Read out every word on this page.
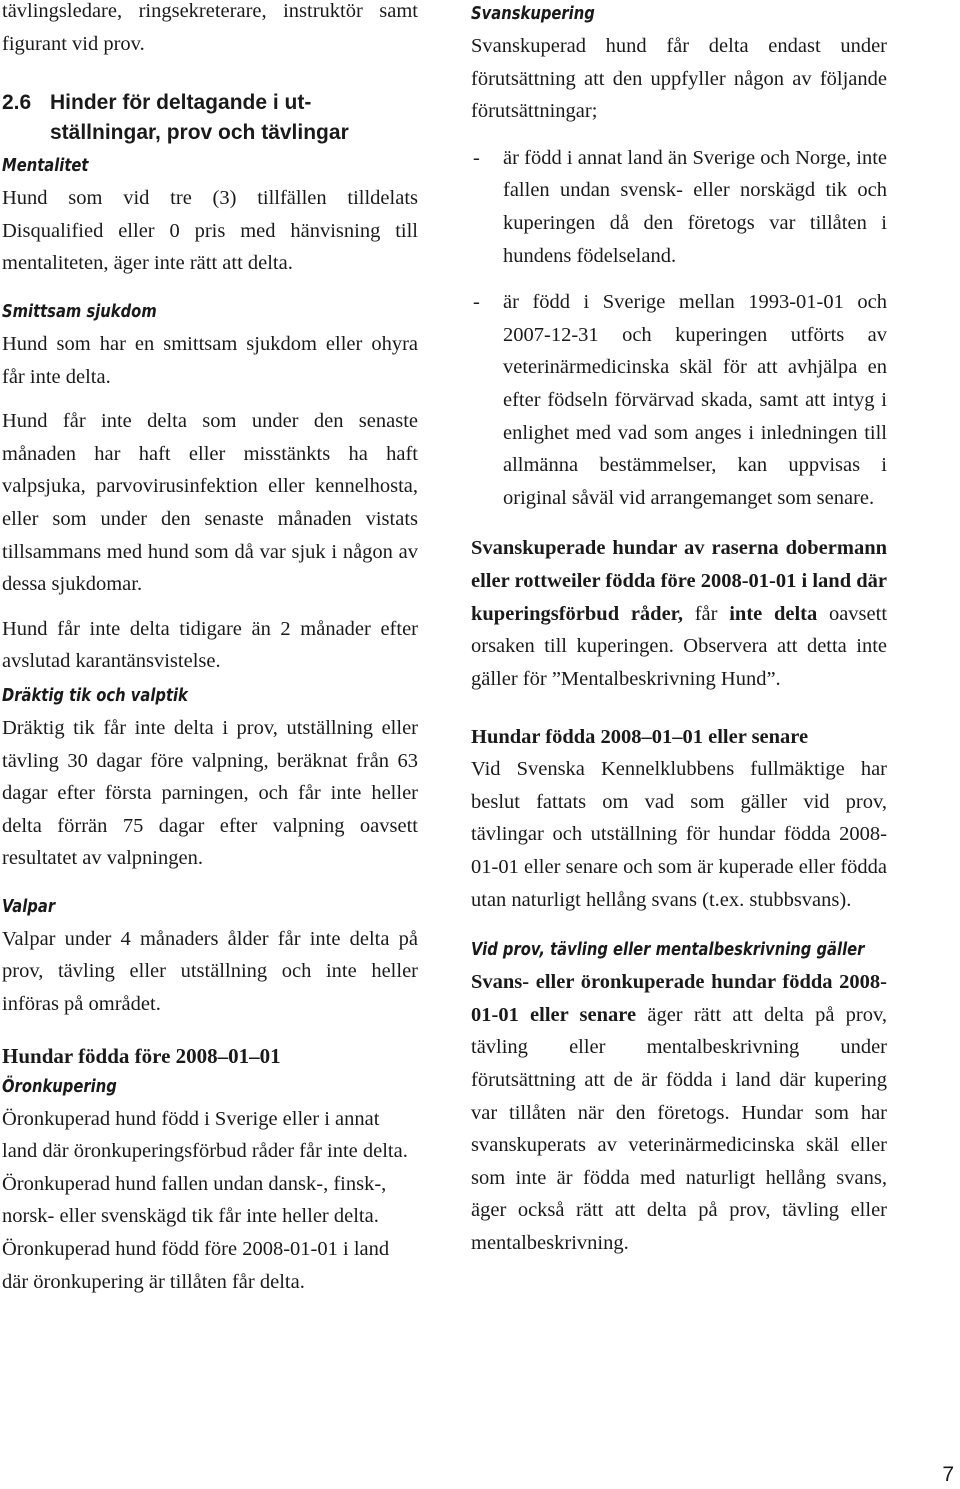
tävlingsledare, ringsekreterare, instruktör samt figurant vid prov.

2.6 Hinder för deltagande i ut-
ställningar, prov och tävlingar
Mentalitet

Hund som vid tre (3) tillfällen tilldelats Disqualified eller 0 pris med hänvisning till mentaliteten, äger inte rätt att delta.

Smittsam sjukdom

Hund som har en smittsam sjukdom eller ohyra får inte delta.

Hund får inte delta som under den senaste månaden har haft eller misstänkts ha haft valpsjuka, parvovirusinfektion eller kennelhosta, eller som under den senaste månaden vistats tillsammans med hund som då var sjuk i någon av dessa sjukdomar.

Hund får inte delta tidigare än 2 månader efter avslutad karantänsvistelse.

Dräktig tik och valptik

Dräktig tik får inte delta i prov, utställning eller tävling 30 dagar före valpning, beräknat från 63 dagar efter första parningen, och får inte heller delta förrän 75 dagar efter valpning oavsett resultatet av valpningen.

Valpar

Valpar under 4 månaders ålder får inte delta på prov, tävling eller utställning och inte heller införas på området.

Hundar födda före 2008–01–01
Öronkupering

Öronkuperad hund född i Sverige eller i annat land där öronkuperingsförbud råder får inte delta. Öronkuperad hund fallen undan dansk-, finsk-, norsk- eller svenskägd tik får inte heller delta. Öronkuperad hund född före 2008-01-01 i land där öronkupering är tillåten får delta.

Svanskupering

Svanskuperad hund får delta endast under förutsättning att den uppfyller någon av följande förutsättningar;

- är född i annat land än Sverige och Norge, inte fallen undan svensk- eller norskägd tik och kuperingen då den företogs var tillåten i hundens födelseland.
- är född i Sverige mellan 1993-01-01 och 2007-12-31 och kuperingen utförts av veterinärmedicinska skäl för att avhjälpa en efter födseln förvärvad skada, samt att intyg i enlighet med vad som anges i inledningen till allmänna bestämmelser, kan uppvisas i original såväl vid arrangemanget som senare.

Svanskuperade hundar av raserna dobermann eller rottweiler födda före 2008-01-01 i land där kuperingsförbud råder, får inte delta oavsett orsaken till kuperingen. Observera att detta inte gäller för ”Mentalbeskrivning Hund”.

Hundar födda 2008–01–01 eller senare

Vid Svenska Kennelklubbens fullmäktige har beslut fattats om vad som gäller vid prov, tävlingar och utställning för hundar födda 2008-01-01 eller senare och som är kuperade eller födda utan naturligt hellång svans (t.ex. stubbsvans).

Vid prov, tävling eller mentalbeskrivning gäller

Svans- eller öronkuperade hundar födda 2008-01-01 eller senare äger rätt att delta på prov, tävling eller mentalbeskrivning under förutsättning att de är födda i land där kupering var tillåten när den företogs. Hundar som har svanskuperats av veterinärmedicinska skäl eller som inte är födda med naturligt hellång svans, äger också rätt att delta på prov, tävling eller mentalbeskrivning.

7
